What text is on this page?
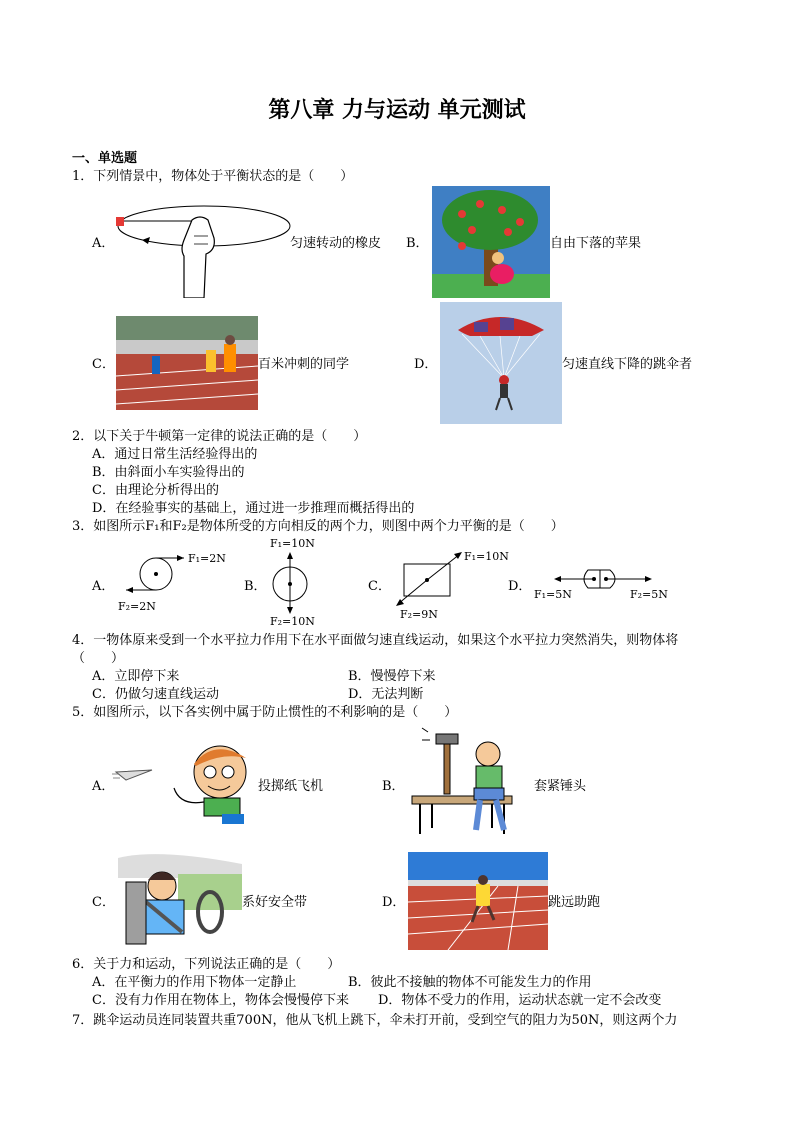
第八章 力与运动 单元测试
一、单选题
1．下列情景中，物体处于平衡状态的是（　　）
A．	匀速转动的橡皮 B．	自由下落的苹果
C．	百米冲刺的同学	D．	匀速直线下降的跳伞者
2．以下关于牛顿第一定律的说法正确的是（　　）
A．通过日常生活经验得出的
B．由斜面小车实验得出的
C．由理论分析得出的
D．在经验事实的基础上，通过进一步推理而概括得出的
3．如图所示F₁和F₂是物体所受的方向相反的两个力，则图中两个力平衡的是（　　）
A．
F₁=2N
F₂=2N
B．
F₁=10N
F₂=10N
C．
F₁=10N
F₂=9N
D．
F₁=5N	F₂=5N
4．一物体原来受到一个水平拉力作用下在水平面做匀速直线运动，如果这个水平拉力突然消失，则物体将
（　　）
A．立即停下来	B．慢慢停下来
C．仍做匀速直线运动	D．无法判断
5．如图所示，以下各实例中属于防止惯性的不利影响的是（　　）
A．	投掷纸飞机	B．	套紧锤头
C．	系好安全带	D．	跳远助跑
6．关于力和运动，下列说法正确的是（　　）
A．在平衡力的作用下物体一定静止	B．彼此不接触的物体不可能发生力的作用
C．没有力作用在物体上，物体会慢慢停下来 D．物体不受力的作用，运动状态就一定不会改变
7．跳伞运动员连同装置共重700N，他从飞机上跳下，伞未打开前，受到空气的阻力为50N，则这两个力
